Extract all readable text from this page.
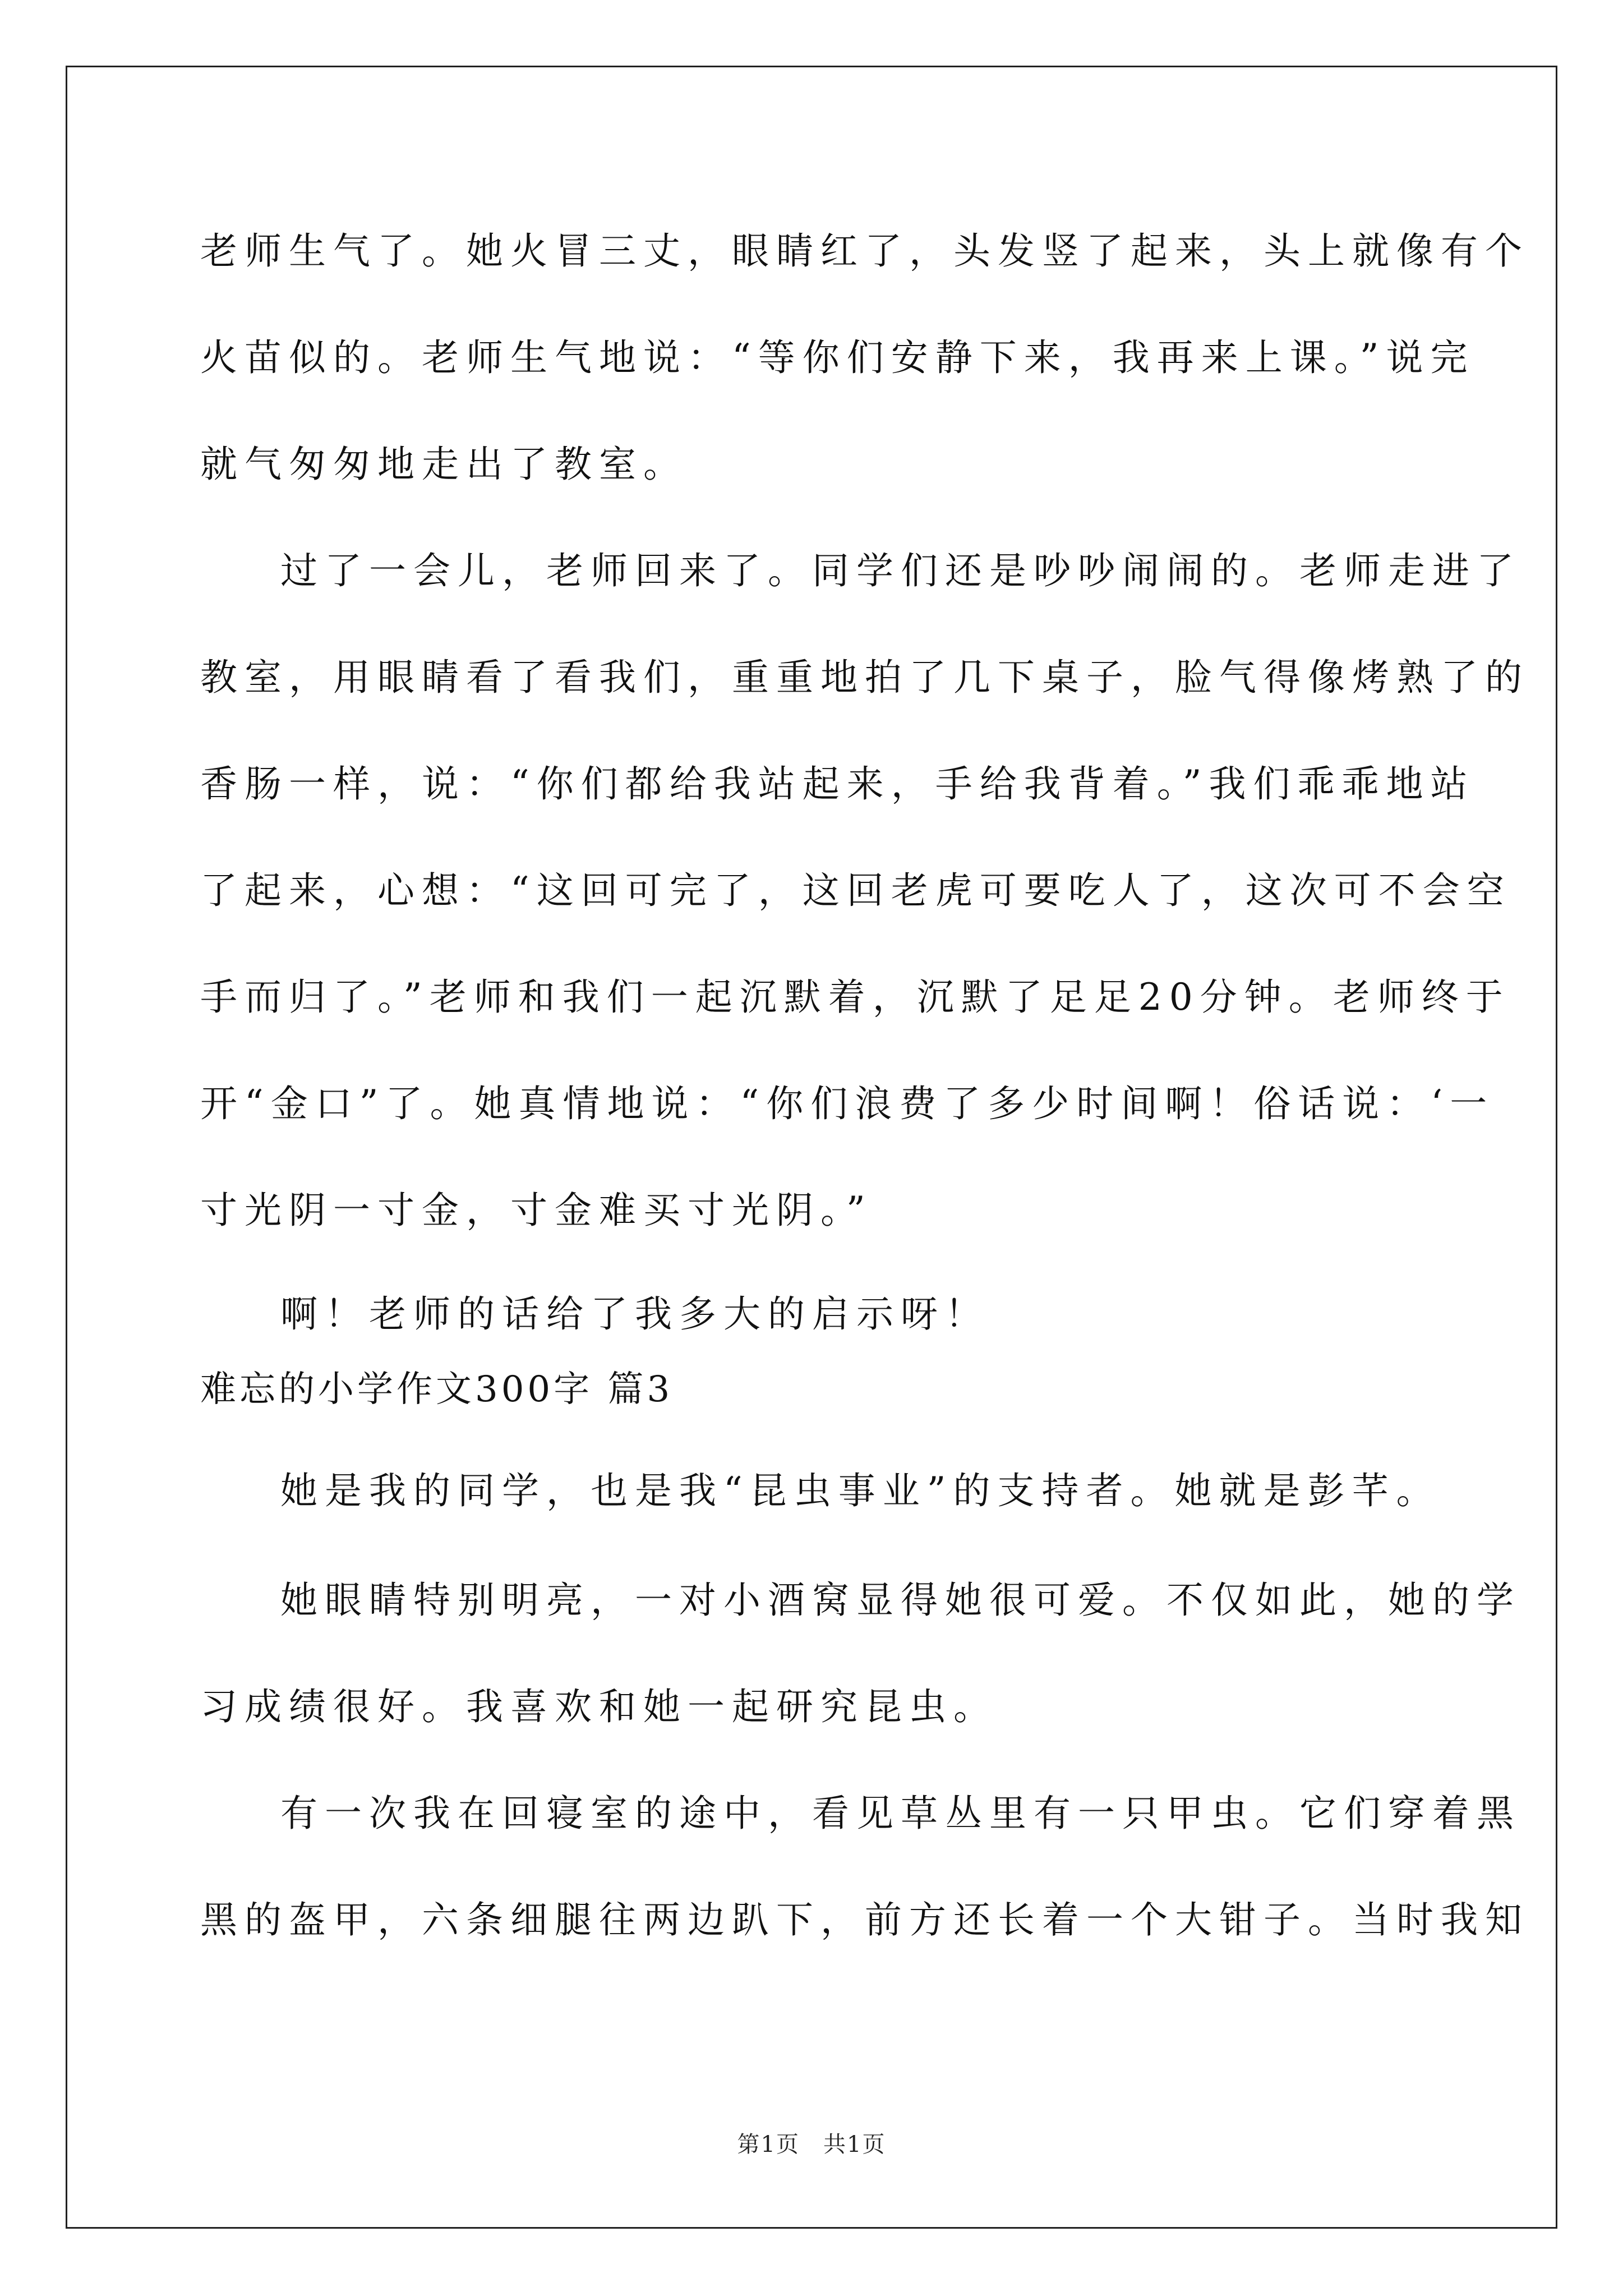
老师生气了。她火冒三丈，眼睛红了，头发竖了起来，头上就像有个

火苗似的。老师生气地说：“等你们安静下来，我再来上课。”说完

就气匆匆地走出了教室。

过了一会儿，老师回来了。同学们还是吵吵闹闹的。老师走进了

教室，用眼睛看了看我们，重重地拍了几下桌子，脸气得像烤熟了的

香肠一样，说：“你们都给我站起来，手给我背着。”我们乖乖地站

了起来，心想：“这回可完了，这回老虎可要吃人了，这次可不会空

手而归了。”老师和我们一起沉默着，沉默了足足20分钟。老师终于

开“金口”了。她真情地说：“你们浪费了多少时间啊！俗话说：‘一

寸光阴一寸金，寸金难买寸光阴。”

啊！老师的话给了我多大的启示呀！

难忘的小学作文300字 篇3

她是我的同学，也是我“昆虫事业”的支持者。她就是彭芊。

她眼睛特别明亮，一对小酒窝显得她很可爱。不仅如此，她的学

习成绩很好。我喜欢和她一起研究昆虫。

有一次我在回寝室的途中，看见草丛里有一只甲虫。它们穿着黑

黑的盔甲，六条细腿往两边趴下，前方还长着一个大钳子。当时我知

第1页　共1页
